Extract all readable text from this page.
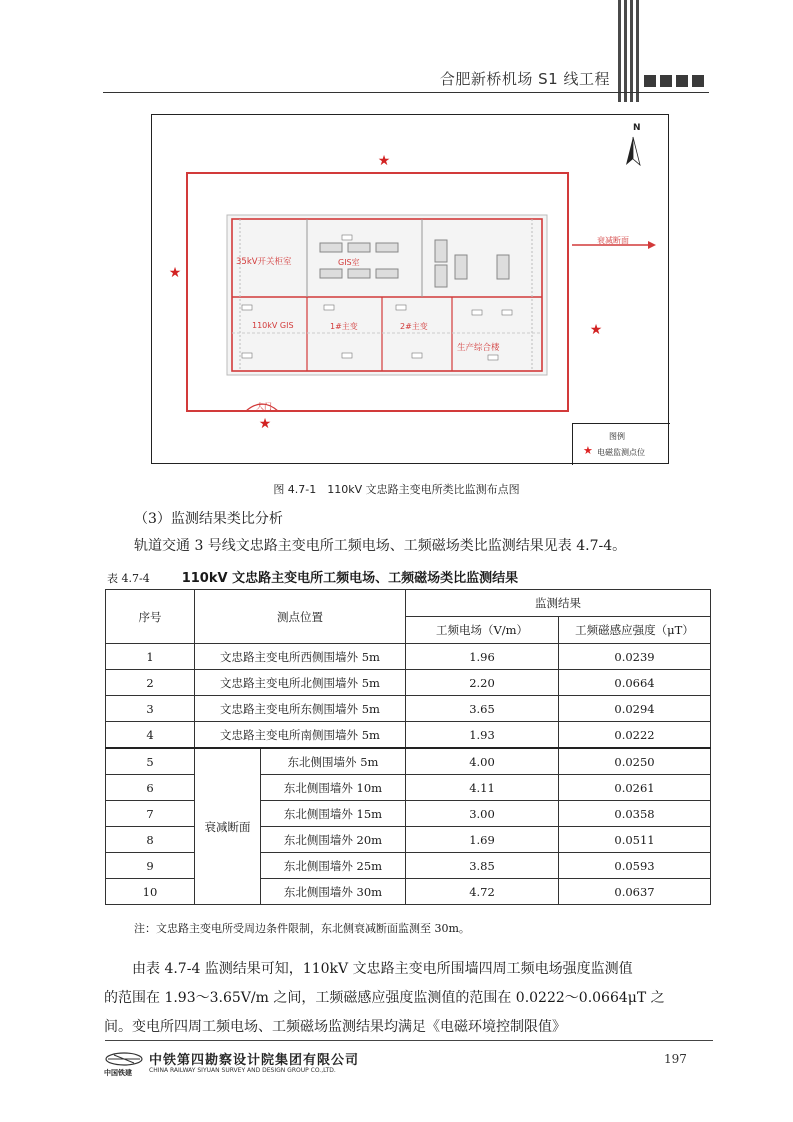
合肥新桥机场 S1 线工程
★
★
★
★
N
35kV开关柜室	GIS室
110kV GIS	1#主变	2#主变
生产综合楼
大门
衰减断面
图例
★ 电磁监测点位
图 4.7-1　110kV 文忠路主变电所类比监测布点图
（3）监测结果类比分析
轨道交通 3 号线文忠路主变电所工频电场、工频磁场类比监测结果见表 4.7-4。
表 4.7-4 110kV 文忠路主变电所工频电场、工频磁场类比监测结果
序号	测点位置		监测结果	
			工频电场（V/m）	工频磁感应强度（μT）
1	文忠路主变电所西侧围墙外 5m		1.96	0.0239
2	文忠路主变电所北侧围墙外 5m		2.20	0.0664
3	文忠路主变电所东侧围墙外 5m		3.65	0.0294
4	文忠路主变电所南侧围墙外 5m		1.93	0.0222
5	衰减断面	东北侧围墙外 5m	4.00	0.0250
6		东北侧围墙外 10m	4.11	0.0261
7		东北侧围墙外 15m	3.00	0.0358
8		东北侧围墙外 20m	1.69	0.0511
9		东北侧围墙外 25m	3.85	0.0593
10		东北侧围墙外 30m	4.72	0.0637
注：文忠路主变电所受周边条件限制，东北侧衰减断面监测至 30m。
由表 4.7-4 监测结果可知，110kV 文忠路主变电所围墙四周工频电场强度监测值
的范围在 1.93～3.65V/m 之间，工频磁感应强度监测值的范围在 0.0222～0.0664μT 之
间。变电所四周工频电场、工频磁场监测结果均满足《电磁环境控制限值》
中国铁建
中铁第四勘察设计院集团有限公司
CHINA RAILWAY SIYUAN SURVEY AND DESIGN GROUP CO.,LTD.
197
